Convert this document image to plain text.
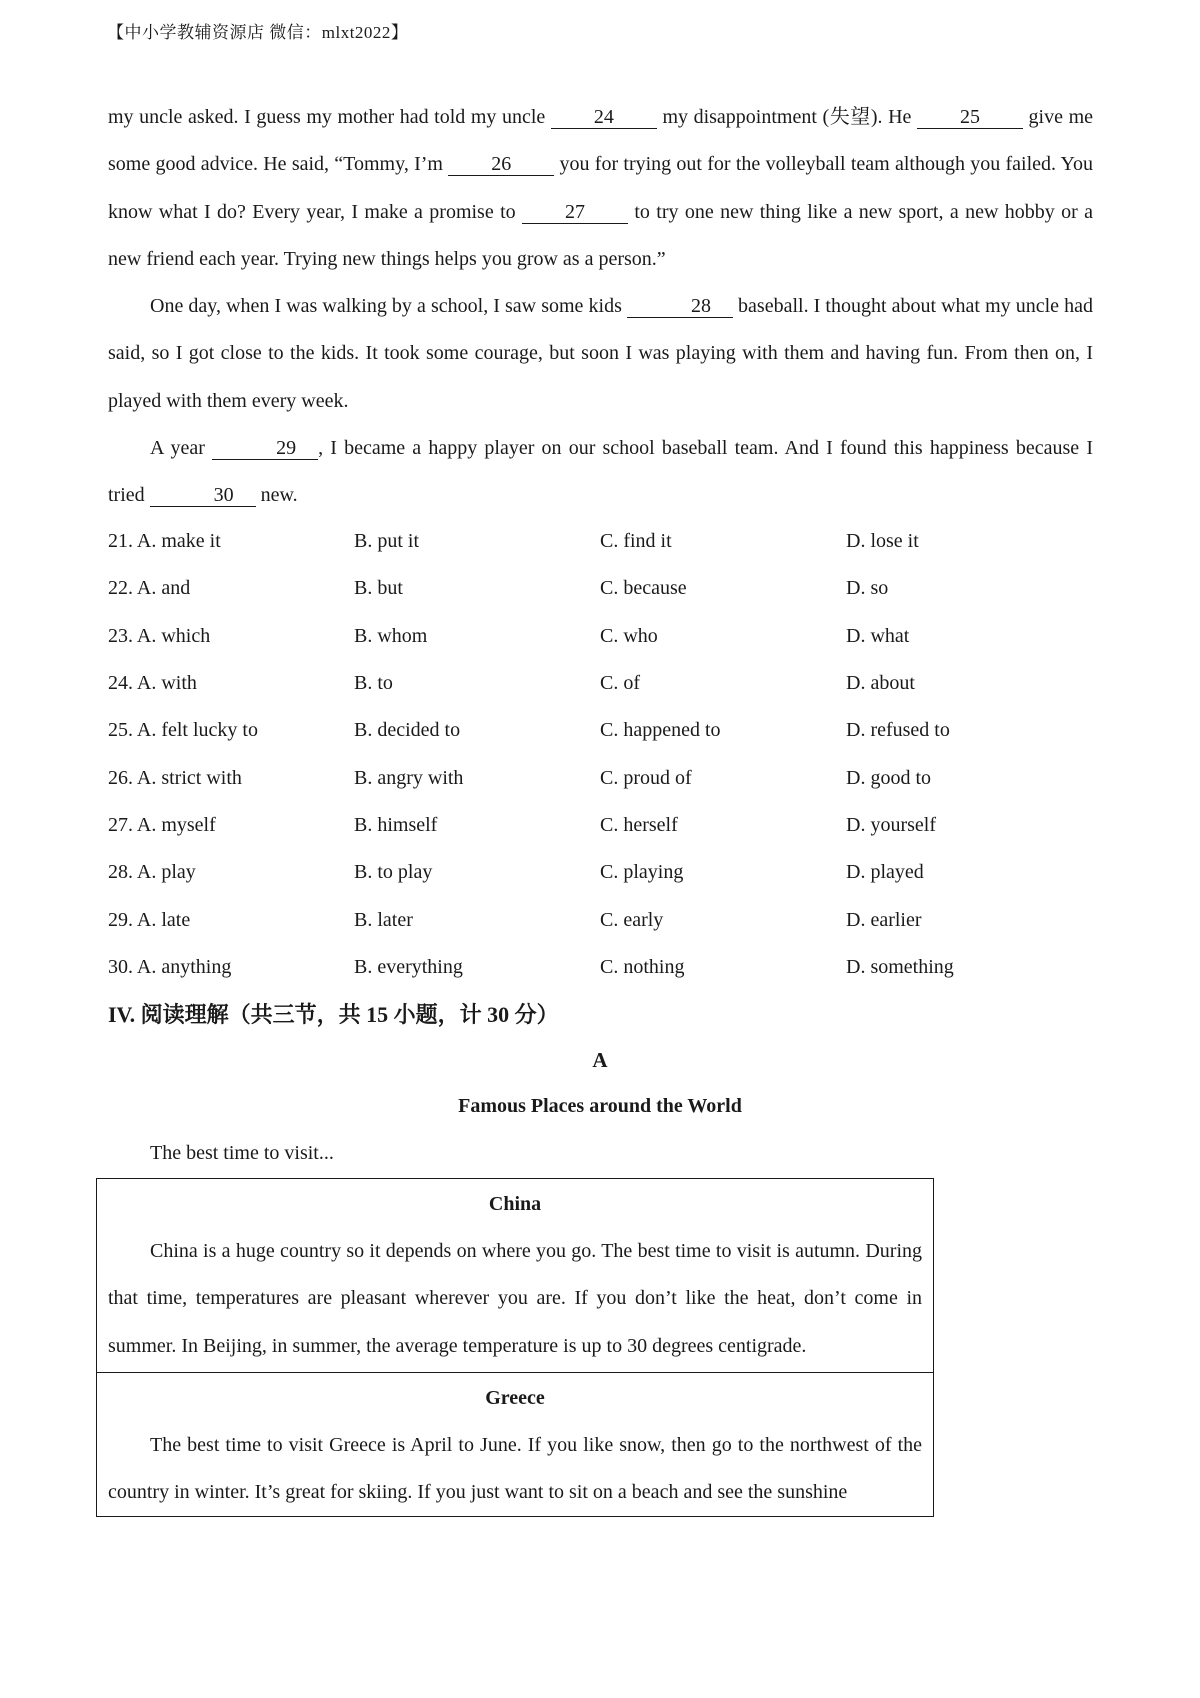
【中小学教辅资源店 微信：mlxt2022】

my uncle asked. I guess my mother had told my uncle 24 my disappointment (失望). He 25 give me some good advice. He said, “Tommy, I’m 26 you for trying out for the volleyball team although you failed. You know what I do? Every year, I make a promise to 27 to try one new thing like a new sport, a new hobby or a new friend each year. Trying new things helps you grow as a person.”

One day, when I was walking by a school, I saw some kids	28 baseball. I thought about what my uncle had said, so I got close to the kids. It took some courage, but soon I was playing with them and having fun. From then on, I played with them every week.

A year	29 , I became a happy player on our school baseball team. And I found this happiness because I tried	30 new.

21. A. make it	B. put it	C. find it	D. lose it
22. A. and	B. but	C. because	D. so
23. A. which	B. whom	C. who	D. what
24. A. with	B. to	C. of	D. about
25. A. felt lucky to	B. decided to	C. happened to	D. refused to
26. A. strict with	B. angry with	C. proud of	D. good to
27. A. myself	B. himself	C. herself	D. yourself
28. A. play	B. to play	C. playing	D. played
29. A. late	B. later	C. early	D. earlier
30. A. anything	B. everything	C. nothing	D. something
IV. 阅读理解（共三节，共 15 小题，计 30 分）
A
Famous Places around the World
The best time to visit...
China

China is a huge country so it depends on where you go. The best time to visit is autumn. During that time, temperatures are pleasant wherever you are. If you don’t like the heat, don’t come in summer. In Beijing, in summer, the average temperature is up to 30 degrees centigrade.

Greece

The best time to visit Greece is April to June. If you like snow, then go to the northwest of the country in winter. It’s great for skiing. If you just want to sit on a beach and see the sunshine
